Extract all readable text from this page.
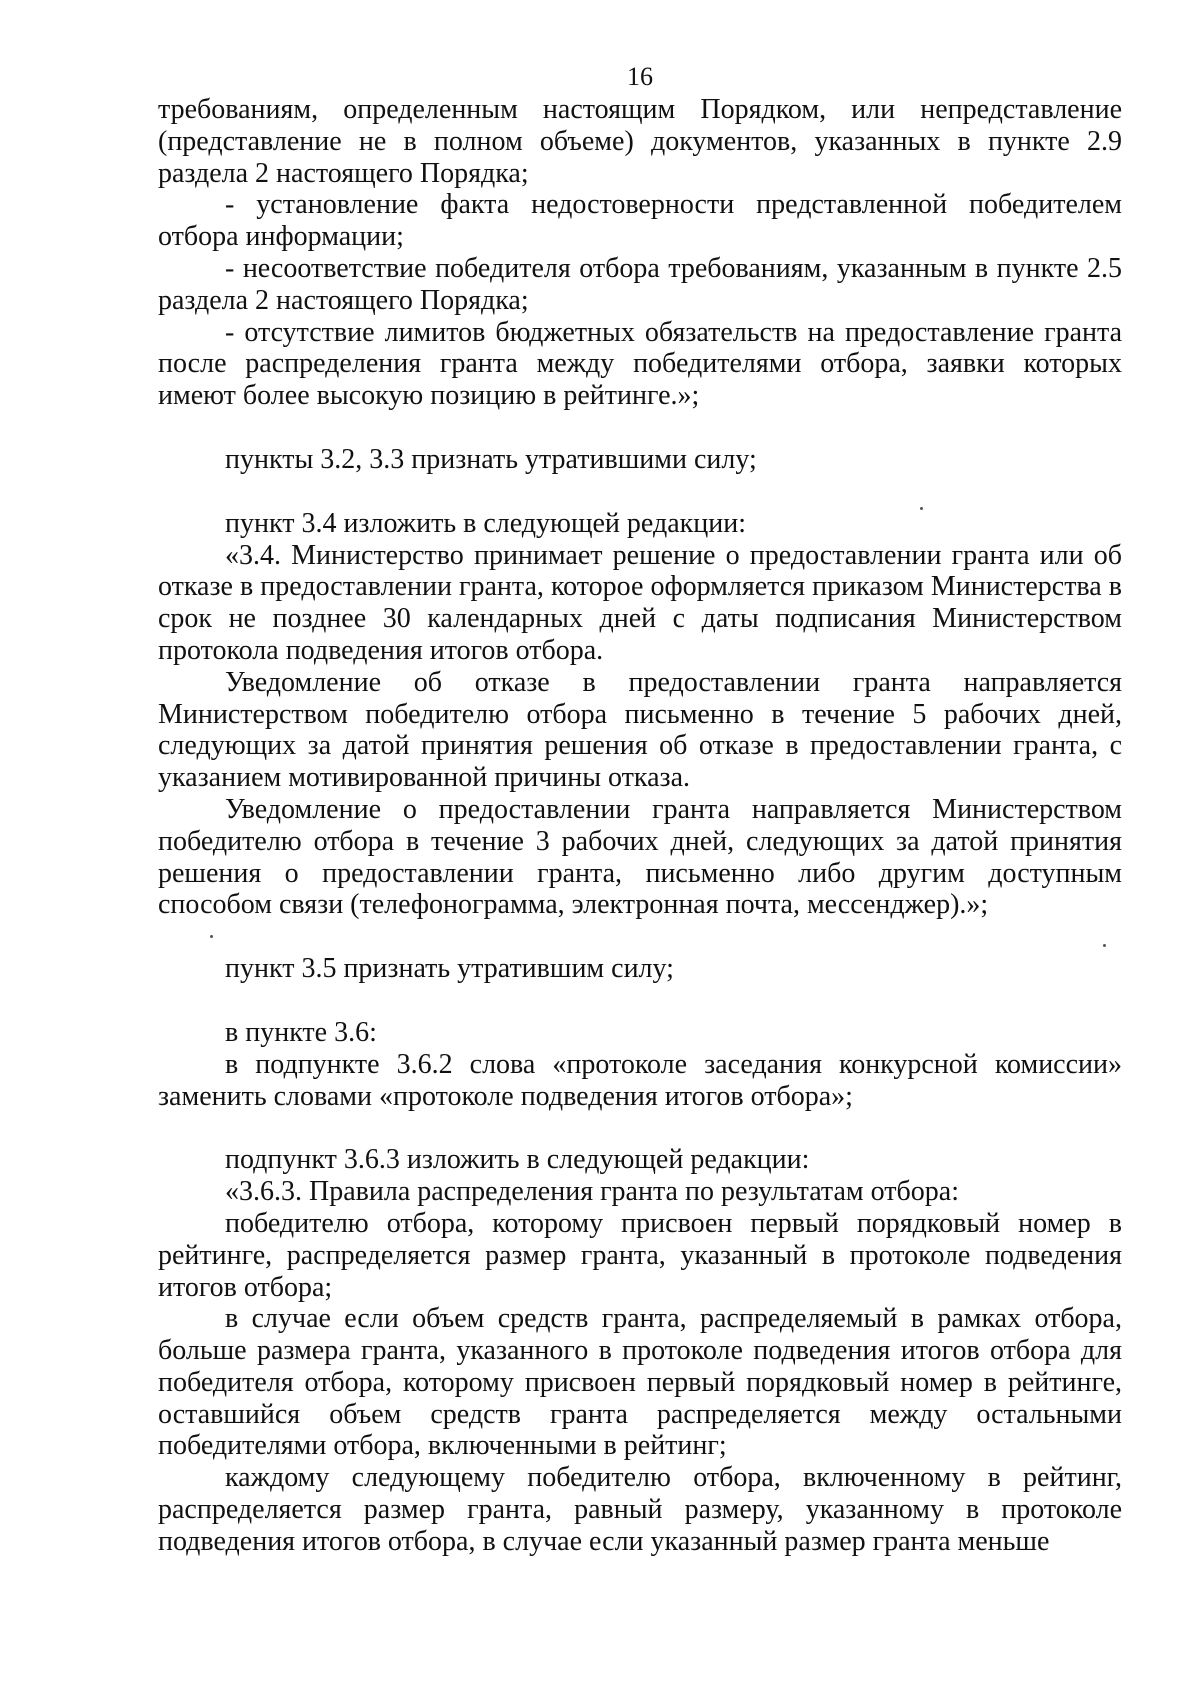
16

требованиям, определенным настоящим Порядком, или непредставление (представление не в полном объеме) документов, указанных в пункте 2.9 раздела 2 настоящего Порядка;

- установление факта недостоверности представленной победителем отбора информации;

- несоответствие победителя отбора требованиям, указанным в пункте 2.5 раздела 2 настоящего Порядка;

- отсутствие лимитов бюджетных обязательств на предоставление гранта после распределения гранта между победителями отбора, заявки которых имеют более высокую позицию в рейтинге.»;

пункты 3.2, 3.3 признать утратившими силу;

пункт 3.4 изложить в следующей редакции:

«3.4. Министерство принимает решение о предоставлении гранта или об отказе в предоставлении гранта, которое оформляется приказом Министерства в срок не позднее 30 календарных дней с даты подписания Министерством протокола подведения итогов отбора.

Уведомление об отказе в предоставлении гранта направляется Министерством победителю отбора письменно в течение 5 рабочих дней, следующих за датой принятия решения об отказе в предоставлении гранта, с указанием мотивированной причины отказа.

Уведомление о предоставлении гранта направляется Министерством победителю отбора в течение 3 рабочих дней, следующих за датой принятия решения о предоставлении гранта, письменно либо другим доступным способом связи (телефонограмма, электронная почта, мессенджер).»;

пункт 3.5 признать утратившим силу;

в пункте 3.6:

в подпункте 3.6.2 слова «протоколе заседания конкурсной комиссии» заменить словами «протоколе подведения итогов отбора»;

подпункт 3.6.3 изложить в следующей редакции:

«3.6.3. Правила распределения гранта по результатам отбора:

победителю отбора, которому присвоен первый порядковый номер в рейтинге, распределяется размер гранта, указанный в протоколе подведения итогов отбора;

в случае если объем средств гранта, распределяемый в рамках отбора, больше размера гранта, указанного в протоколе подведения итогов отбора для победителя отбора, которому присвоен первый порядковый номер в рейтинге, оставшийся объем средств гранта распределяется между остальными победителями отбора, включенными в рейтинг;

каждому следующему победителю отбора, включенному в рейтинг, распределяется размер гранта, равный размеру, указанному в протоколе подведения итогов отбора, в случае если указанный размер гранта меньше
